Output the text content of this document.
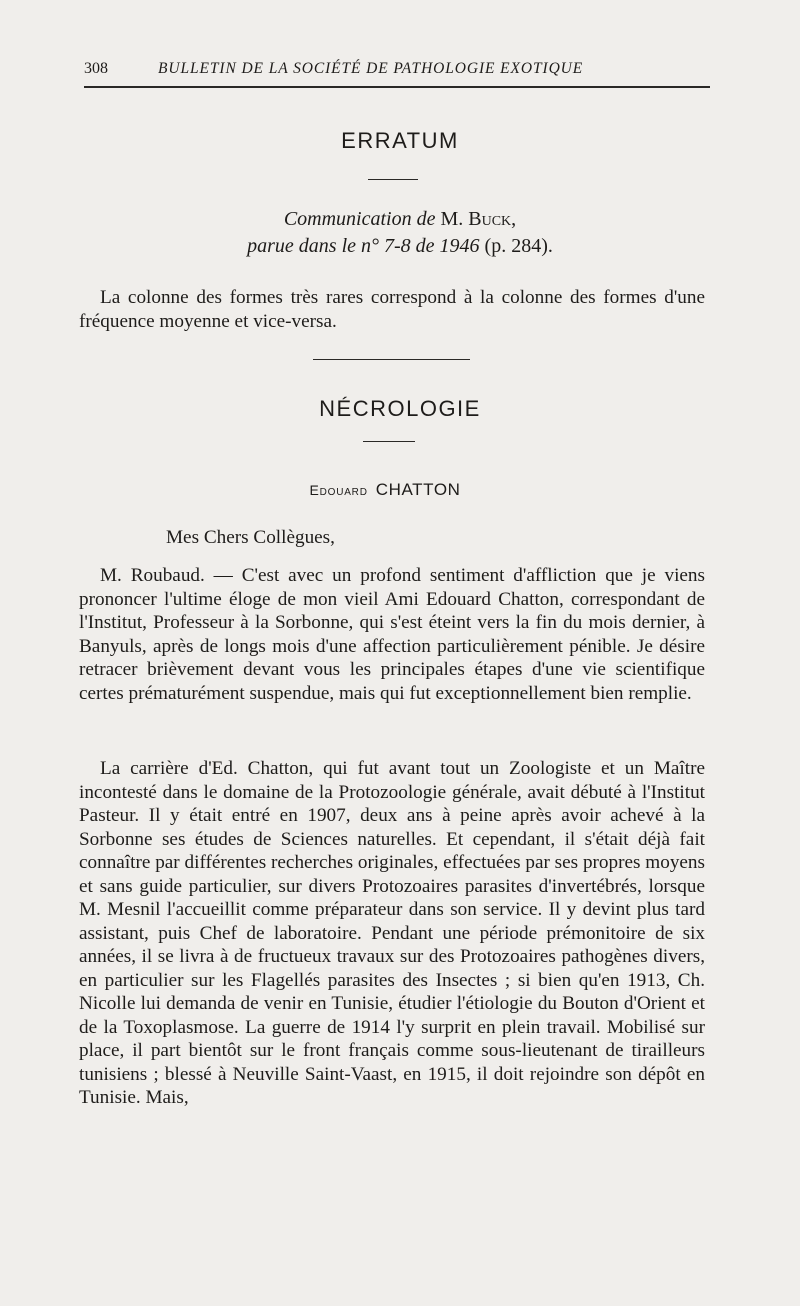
308	BULLETIN DE LA SOCIÉTÉ DE PATHOLOGIE EXOTIQUE
ERRATUM
Communication de M. Buck,
parue dans le n° 7-8 de 1946 (p. 284).
La colonne des formes très rares correspond à la colonne des formes d'une fréquence moyenne et vice-versa.
NÉCROLOGIE
Edouard CHATTON
Mes Chers Collègues,
M. Roubaud. — C'est avec un profond sentiment d'affliction que je viens prononcer l'ultime éloge de mon vieil Ami Edouard Chatton, correspondant de l'Institut, Professeur à la Sorbonne, qui s'est éteint vers la fin du mois dernier, à Banyuls, après de longs mois d'une affection particulièrement pénible. Je désire retracer brièvement devant vous les principales étapes d'une vie scientifique certes prématurément suspendue, mais qui fut exceptionnellement bien remplie.
La carrière d'Ed. Chatton, qui fut avant tout un Zoologiste et un Maître incontesté dans le domaine de la Protozoologie générale, avait débuté à l'Institut Pasteur. Il y était entré en 1907, deux ans à peine après avoir achevé à la Sorbonne ses études de Sciences naturelles. Et cependant, il s'était déjà fait connaître par différentes recherches originales, effectuées par ses propres moyens et sans guide particulier, sur divers Protozoaires parasites d'invertébrés, lorsque M. Mesnil l'accueillit comme préparateur dans son service. Il y devint plus tard assistant, puis Chef de laboratoire. Pendant une période prémonitoire de six années, il se livra à de fructueux travaux sur des Protozoaires pathogènes divers, en particulier sur les Flagellés parasites des Insectes ; si bien qu'en 1913, Ch. Nicolle lui demanda de venir en Tunisie, étudier l'étiologie du Bouton d'Orient et de la Toxoplasmose. La guerre de 1914 l'y surprit en plein travail. Mobilisé sur place, il part bientôt sur le front français comme sous-lieutenant de tirailleurs tunisiens ; blessé à Neuville Saint-Vaast, en 1915, il doit rejoindre son dépôt en Tunisie. Mais,
